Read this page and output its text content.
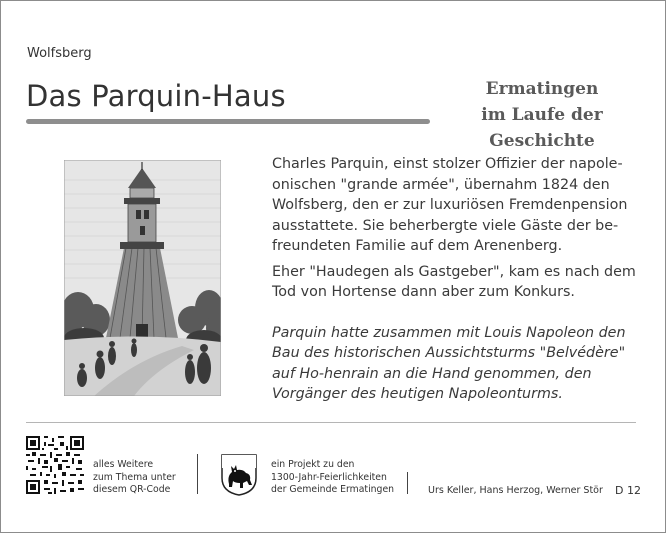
Wolfsberg
Das Parquin-Haus	Ermatingen
im Laufe der Geschichte

Charles Parquin, einst stolzer Offizier der napole-onischen "grande armée", übernahm 1824 den Wolfsberg, den er zur luxuriösen Fremdenpension ausstattete. Sie beherbergte viele Gäste der be-freundeten Familie auf dem Arenenberg.

Eher "Haudegen als Gastgeber", kam es nach dem Tod von Hortense dann aber zum Konkurs.

Parquin hatte zusammen mit Louis Napoleon den Bau des historischen Aussichtsturms "Belvédère" auf Ho-henrain an die Hand genommen, den Vorgänger des heutigen Napoleonturms.

alles Weitere
zum Thema unter
diesem QR-Code
ein Projekt zu den
1300-Jahr-Feierlichkeiten
der Gemeinde Ermatingen	Urs Keller, Hans Herzog, Werner Stör D 12
